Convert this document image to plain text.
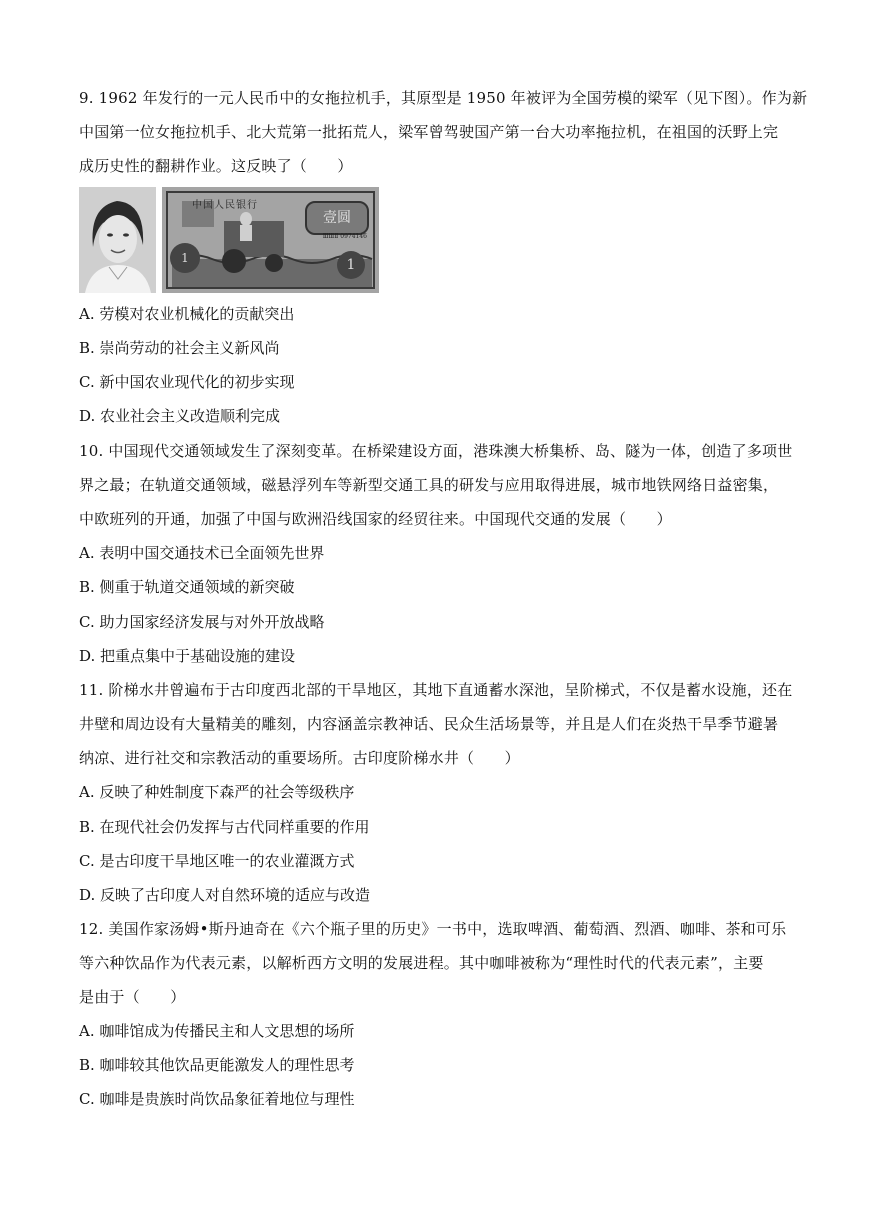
9. 1962 年发行的一元人民币中的女拖拉机手，其原型是 1950 年被评为全国劳模的梁军（见下图）。作为新
中国第一位女拖拉机手、北大荒第一批拓荒人，梁军曾驾驶国产第一台大功率拖拉机，在祖国的沃野上完
成历史性的翻耕作业。这反映了（　　）
中国人民银行
壹圆
ⅢⅢⅡ 0974146
1	1
A. 劳模对农业机械化的贡献突出
B. 崇尚劳动的社会主义新风尚
C. 新中国农业现代化的初步实现
D. 农业社会主义改造顺利完成
10. 中国现代交通领域发生了深刻变革。在桥梁建设方面，港珠澳大桥集桥、岛、隧为一体，创造了多项世
界之最；在轨道交通领域，磁悬浮列车等新型交通工具的研发与应用取得进展，城市地铁网络日益密集，
中欧班列的开通，加强了中国与欧洲沿线国家的经贸往来。中国现代交通的发展（　　）
A. 表明中国交通技术已全面领先世界
B. 侧重于轨道交通领域的新突破
C. 助力国家经济发展与对外开放战略
D. 把重点集中于基础设施的建设
11. 阶梯水井曾遍布于古印度西北部的干旱地区，其地下直通蓄水深池，呈阶梯式，不仅是蓄水设施，还在
井壁和周边设有大量精美的雕刻，内容涵盖宗教神话、民众生活场景等，并且是人们在炎热干旱季节避暑
纳凉、进行社交和宗教活动的重要场所。古印度阶梯水井（　　）
A. 反映了种姓制度下森严的社会等级秩序
B. 在现代社会仍发挥与古代同样重要的作用
C. 是古印度干旱地区唯一的农业灌溉方式
D. 反映了古印度人对自然环境的适应与改造
12. 美国作家汤姆•斯丹迪奇在《六个瓶子里的历史》一书中，选取啤酒、葡萄酒、烈酒、咖啡、茶和可乐
等六种饮品作为代表元素，以解析西方文明的发展进程。其中咖啡被称为“理性时代的代表元素”，主要
是由于（　　）
A. 咖啡馆成为传播民主和人文思想的场所
B. 咖啡较其他饮品更能激发人的理性思考
C. 咖啡是贵族时尚饮品象征着地位与理性
